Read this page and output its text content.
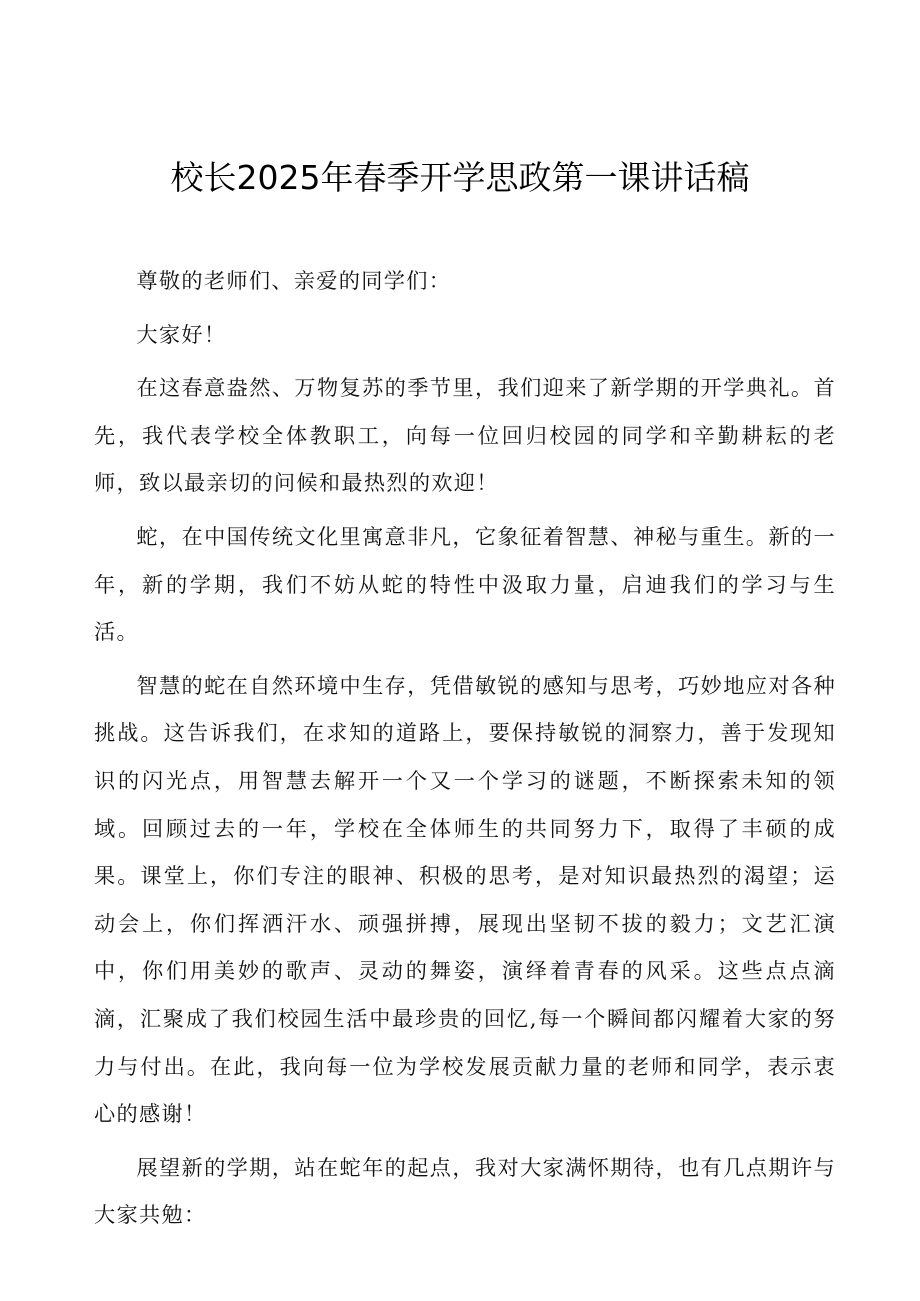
校长2025年春季开学思政第一课讲话稿

尊敬的老师们、亲爱的同学们：

大家好！

在这春意盎然、万物复苏的季节里，我们迎来了新学期的开学典礼。首先，我代表学校全体教职工，向每一位回归校园的同学和辛勤耕耘的老师，致以最亲切的问候和最热烈的欢迎！

蛇，在中国传统文化里寓意非凡，它象征着智慧、神秘与重生。新的一年，新的学期，我们不妨从蛇的特性中汲取力量，启迪我们的学习与生活。

智慧的蛇在自然环境中生存，凭借敏锐的感知与思考，巧妙地应对各种挑战。这告诉我们，在求知的道路上，要保持敏锐的洞察力，善于发现知识的闪光点，用智慧去解开一个又一个学习的谜题，不断探索未知的领域。回顾过去的一年，学校在全体师生的共同努力下，取得了丰硕的成果。课堂上，你们专注的眼神、积极的思考，是对知识最热烈的渴望；运动会上，你们挥洒汗水、顽强拼搏，展现出坚韧不拔的毅力；文艺汇演中，你们用美妙的歌声、灵动的舞姿，演绎着青春的风采。这些点点滴滴，汇聚成了我们校园生活中最珍贵的回忆,每一个瞬间都闪耀着大家的努力与付出。在此，我向每一位为学校发展贡献力量的老师和同学，表示衷心的感谢！

展望新的学期，站在蛇年的起点，我对大家满怀期待，也有几点期许与大家共勉：
